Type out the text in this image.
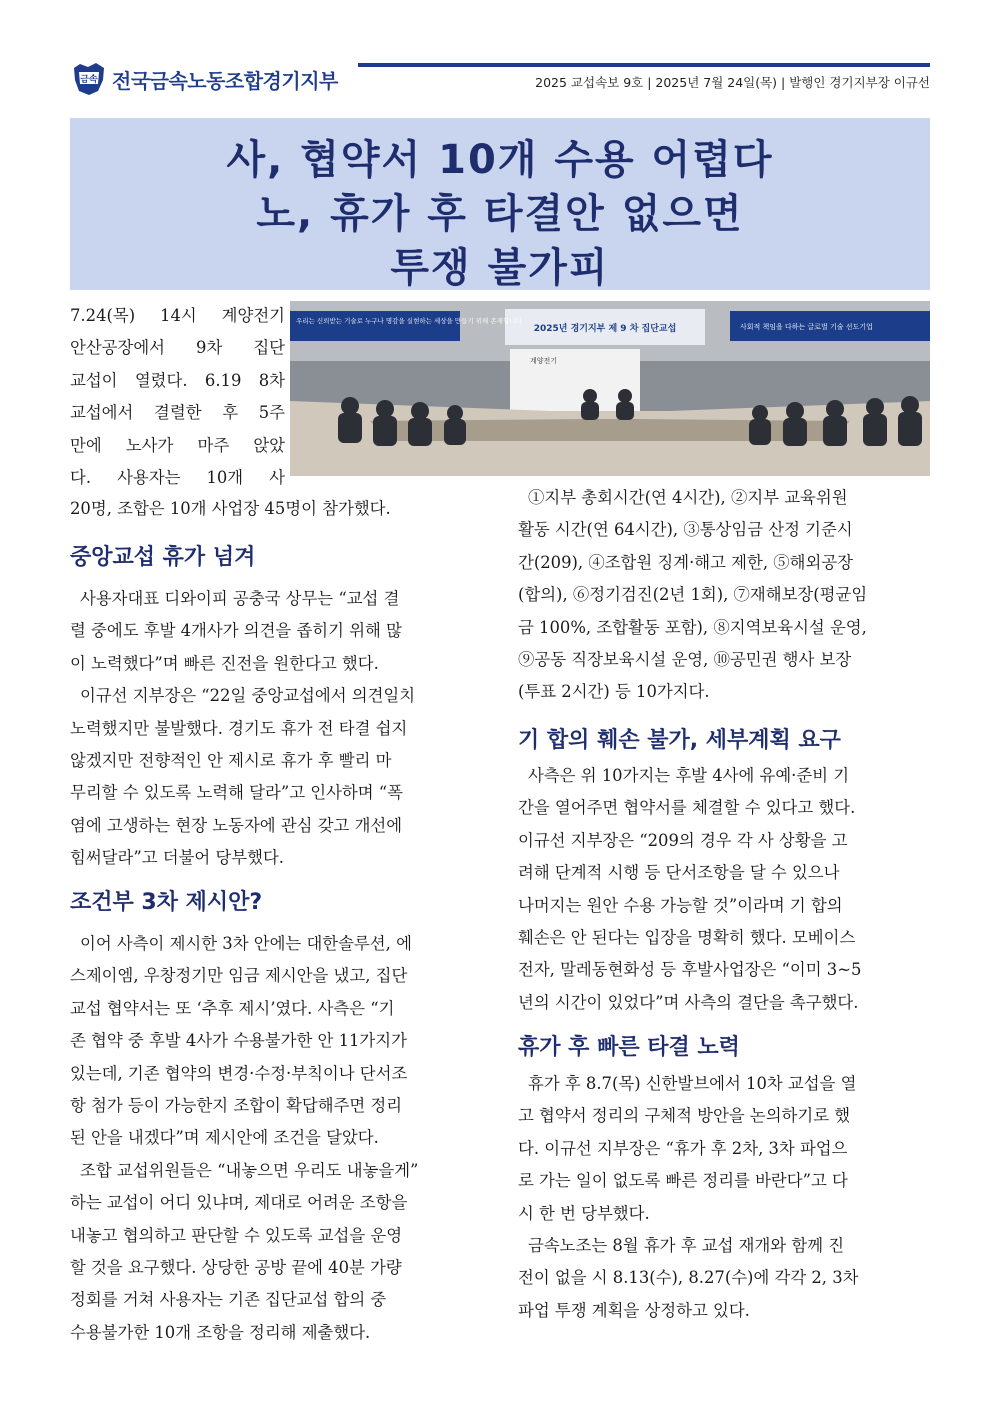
금속 전국금속노동조합경기지부	2025 교섭속보 9호 | 2025년 7월 24일(목) | 발행인 경기지부장 이규선
사, 협약서 10개 수용 어렵다
노, 휴가 후 타결안 없으면
투쟁 불가피
우리는 신뢰받는 기술로 누구나 명감을 실현하는 세상을 만들기 위해 존재합니다
2025년 경기지부 제 9 차 집단교섭	사회적 책임을 다하는 글로벌 기술 선도기업
계양전기
7.24(목) 14시 계양전기
안산공장에서 9차 집단
교섭이 열렸다. 6.19 8차
교섭에서 결렬한 후 5주
만에 노사가 마주 앉았
다. 사용자는 10개 사
20명, 조합은 10개 사업장 45명이 참가했다.
중앙교섭 휴가 넘겨
사용자대표 디와이피 공충국 상무는 “교섭 결
렬 중에도 후발 4개사가 의견을 좁히기 위해 많
이 노력했다”며 빠른 진전을 원한다고 했다.
이규선 지부장은 “22일 중앙교섭에서 의견일치
노력했지만 불발했다. 경기도 휴가 전 타결 쉽지
않겠지만 전향적인 안 제시로 휴가 후 빨리 마
무리할 수 있도록 노력해 달라”고 인사하며 “폭
염에 고생하는 현장 노동자에 관심 갖고 개선에
힘써달라”고 더불어 당부했다.
조건부 3차 제시안?
이어 사측이 제시한 3차 안에는 대한솔루션, 에
스제이엠, 우창정기만 임금 제시안을 냈고, 집단
교섭 협약서는 또 ‘추후 제시’였다. 사측은 “기
존 협약 중 후발 4사가 수용불가한 안 11가지가
있는데, 기존 협약의 변경·수정·부칙이나 단서조
항 첨가 등이 가능한지 조합이 확답해주면 정리
된 안을 내겠다”며 제시안에 조건을 달았다.
조합 교섭위원들은 “내놓으면 우리도 내놓을게”
하는 교섭이 어디 있냐며, 제대로 어려운 조항을
내놓고 협의하고 판단할 수 있도록 교섭을 운영
할 것을 요구했다. 상당한 공방 끝에 40분 가량
정회를 거쳐 사용자는 기존 집단교섭 합의 중
수용불가한 10개 조항을 정리해 제출했다.
①지부 총회시간(연 4시간), ②지부 교육위원
활동 시간(연 64시간), ③통상임금 산정 기준시
간(209), ④조합원 징계·해고 제한, ⑤해외공장
(합의), ⑥정기검진(2년 1회), ⑦재해보장(평균임
금 100%, 조합활동 포함), ⑧지역보육시설 운영,
⑨공동 직장보육시설 운영, ⑩공민권 행사 보장
(투표 2시간) 등 10가지다.
기 합의 훼손 불가, 세부계획 요구
사측은 위 10가지는 후발 4사에 유예·준비 기
간을 열어주면 협약서를 체결할 수 있다고 했다.
이규선 지부장은 “209의 경우 각 사 상황을 고
려해 단계적 시행 등 단서조항을 달 수 있으나
나머지는 원안 수용 가능할 것”이라며 기 합의
훼손은 안 된다는 입장을 명확히 했다. 모베이스
전자, 말레동현화성 등 후발사업장은 “이미 3~5
년의 시간이 있었다”며 사측의 결단을 촉구했다.
휴가 후 빠른 타결 노력
휴가 후 8.7(목) 신한발브에서 10차 교섭을 열
고 협약서 정리의 구체적 방안을 논의하기로 했
다. 이규선 지부장은 “휴가 후 2차, 3차 파업으
로 가는 일이 없도록 빠른 정리를 바란다”고 다
시 한 번 당부했다.
금속노조는 8월 휴가 후 교섭 재개와 함께 진
전이 없을 시 8.13(수), 8.27(수)에 각각 2, 3차
파업 투쟁 계획을 상정하고 있다.
